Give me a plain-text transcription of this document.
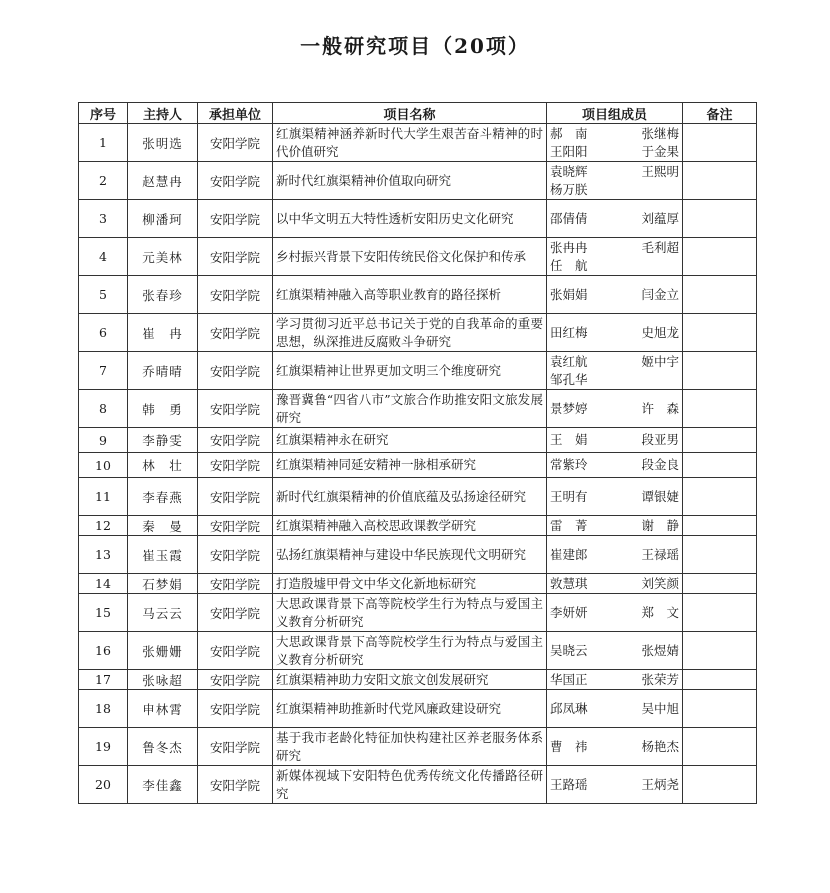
一般研究项目（20项）
序号	主持人	承担单位	项目名称	项目组成员	备注
1	张明选	安阳学院	红旗渠精神涵养新时代大学生艰苦奋斗精神的时代价值研究	郝　南 张继梅
王阳阳 于金果	

2	赵慧冉	安阳学院	新时代红旗渠精神价值取向研究	袁晓辉 王熙明
杨万朕	

3	柳潘珂	安阳学院	以中华文明五大特性透析安阳历史文化研究	邵倩倩 刘蕴厚	

4	元美林	安阳学院	乡村振兴背景下安阳传统民俗文化保护和传承	张冉冉 毛利超
任　航	

5	张春珍	安阳学院	红旗渠精神融入高等职业教育的路径探析	张娟娟 闫金立	

6	崔　冉	安阳学院	学习贯彻习近平总书记关于党的自我革命的重要思想，纵深推进反腐败斗争研究	田红梅 史旭龙	

7	乔晴晴	安阳学院	红旗渠精神让世界更加文明三个维度研究	袁红航 姬中宇
邹孔华	

8	韩　勇	安阳学院	豫晋冀鲁“四省八市”文旅合作助推安阳文旅发展研究	景梦婷 许　森	

9	李静雯	安阳学院	红旗渠精神永在研究	王　娟 段亚男	

10	林　壮	安阳学院	红旗渠精神同延安精神一脉相承研究	常紫玲 段金良	

11	李春燕	安阳学院	新时代红旗渠精神的价值底蕴及弘扬途径研究	王明有 谭银婕	

12	秦　曼	安阳学院	红旗渠精神融入高校思政课教学研究	雷　菁 谢　静	

13	崔玉霞	安阳学院	弘扬红旗渠精神与建设中华民族现代文明研究	崔建郎 王禄瑶	

14	石梦娟	安阳学院	打造殷墟甲骨文中华文化新地标研究	敦慧琪 刘笑颜	

15	马云云	安阳学院	大思政课背景下高等院校学生行为特点与爱国主义教育分析研究	李妍妍 郑　文	

16	张姗姗	安阳学院	大思政课背景下高等院校学生行为特点与爱国主义教育分析研究	吴晓云 张煜婧	

17	张咏超	安阳学院	红旗渠精神助力安阳文旅文创发展研究	华国正 张荣芳	

18	申林霄	安阳学院	红旗渠精神助推新时代党风廉政建设研究	邱凤琳 吴中旭	

19	鲁冬杰	安阳学院	基于我市老龄化特征加快构建社区养老服务体系研究	曹　祎 杨艳杰	

20	李佳鑫	安阳学院	新媒体视域下安阳特色优秀传统文化传播路径研究	王路瑶 王炳尧	
